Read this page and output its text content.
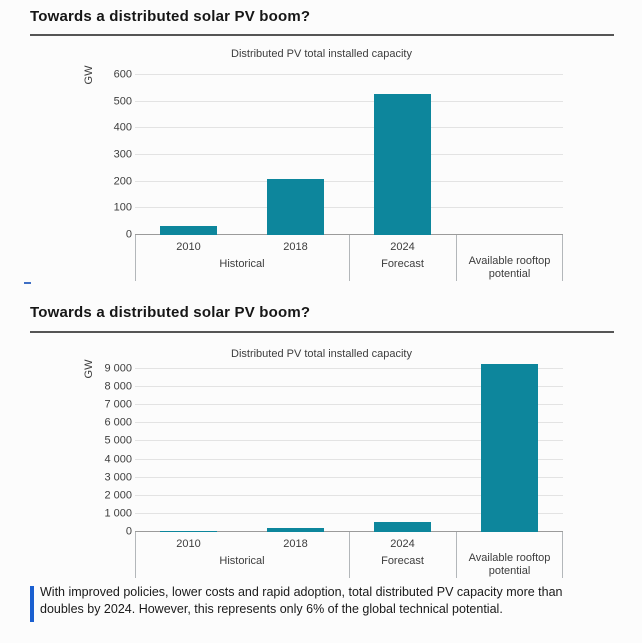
Towards a distributed solar PV boom?
Distributed PV total installed capacity
GW 600
500
400
300
200
100
0
2010	2018	2024
Historical	Forecast	Available rooftop potential
Towards a distributed solar PV boom?
Distributed PV total installed capacity
GW 9 000
8 000
7 000
6 000
5 000
4 000
3 000
2 000
1 000
0
2010	2018	2024
Historical	Forecast	Available rooftop potential
With improved policies, lower costs and rapid adoption, total distributed PV capacity more than doubles by 2024. However, this represents only 6% of the global technical potential.
